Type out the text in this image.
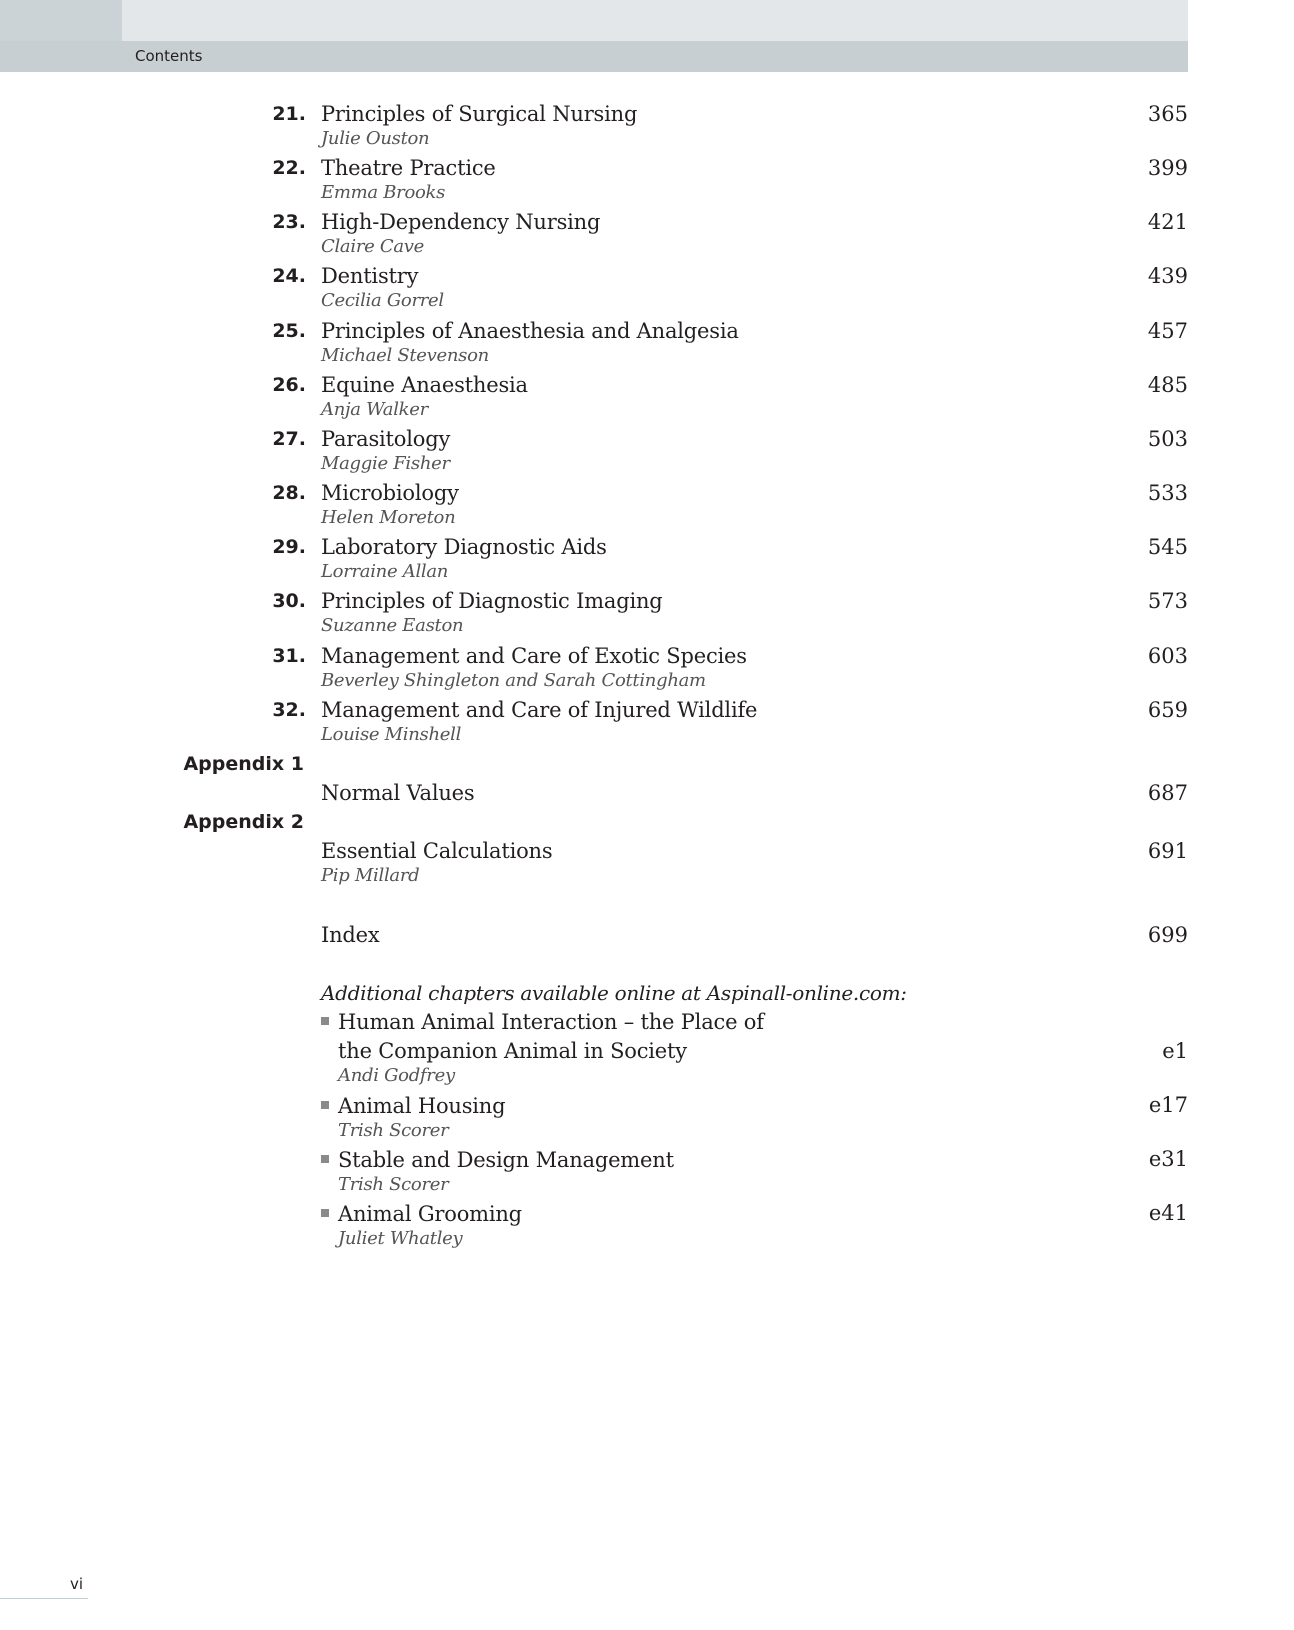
Contents
21. Principles of Surgical Nursing
Julie Ouston
365
22. Theatre Practice
Emma Brooks
399
23. High-Dependency Nursing
Claire Cave
421
24. Dentistry
Cecilia Gorrel
439
25. Principles of Anaesthesia and Analgesia
Michael Stevenson
457
26. Equine Anaesthesia
Anja Walker
485
27. Parasitology
Maggie Fisher
503
28. Microbiology
Helen Moreton
533
29. Laboratory Diagnostic Aids
Lorraine Allan
545
30. Principles of Diagnostic Imaging
Suzanne Easton
573
31. Management and Care of Exotic Species
Beverley Shingleton and Sarah Cottingham
603
32. Management and Care of Injured Wildlife
Louise Minshell
659
Appendix 1
Normal Values	687
Appendix 2
Essential Calculations
Pip Millard
691
Index	699
Additional chapters available online at Aspinall-online.com:
Human Animal Interaction – the Place of
the Companion Animal in Society
Andi Godfrey
e1
Animal Housing
Trish Scorer
e17
Stable and Design Management
Trish Scorer
e31
Animal Grooming
Juliet Whatley
e41
vi
